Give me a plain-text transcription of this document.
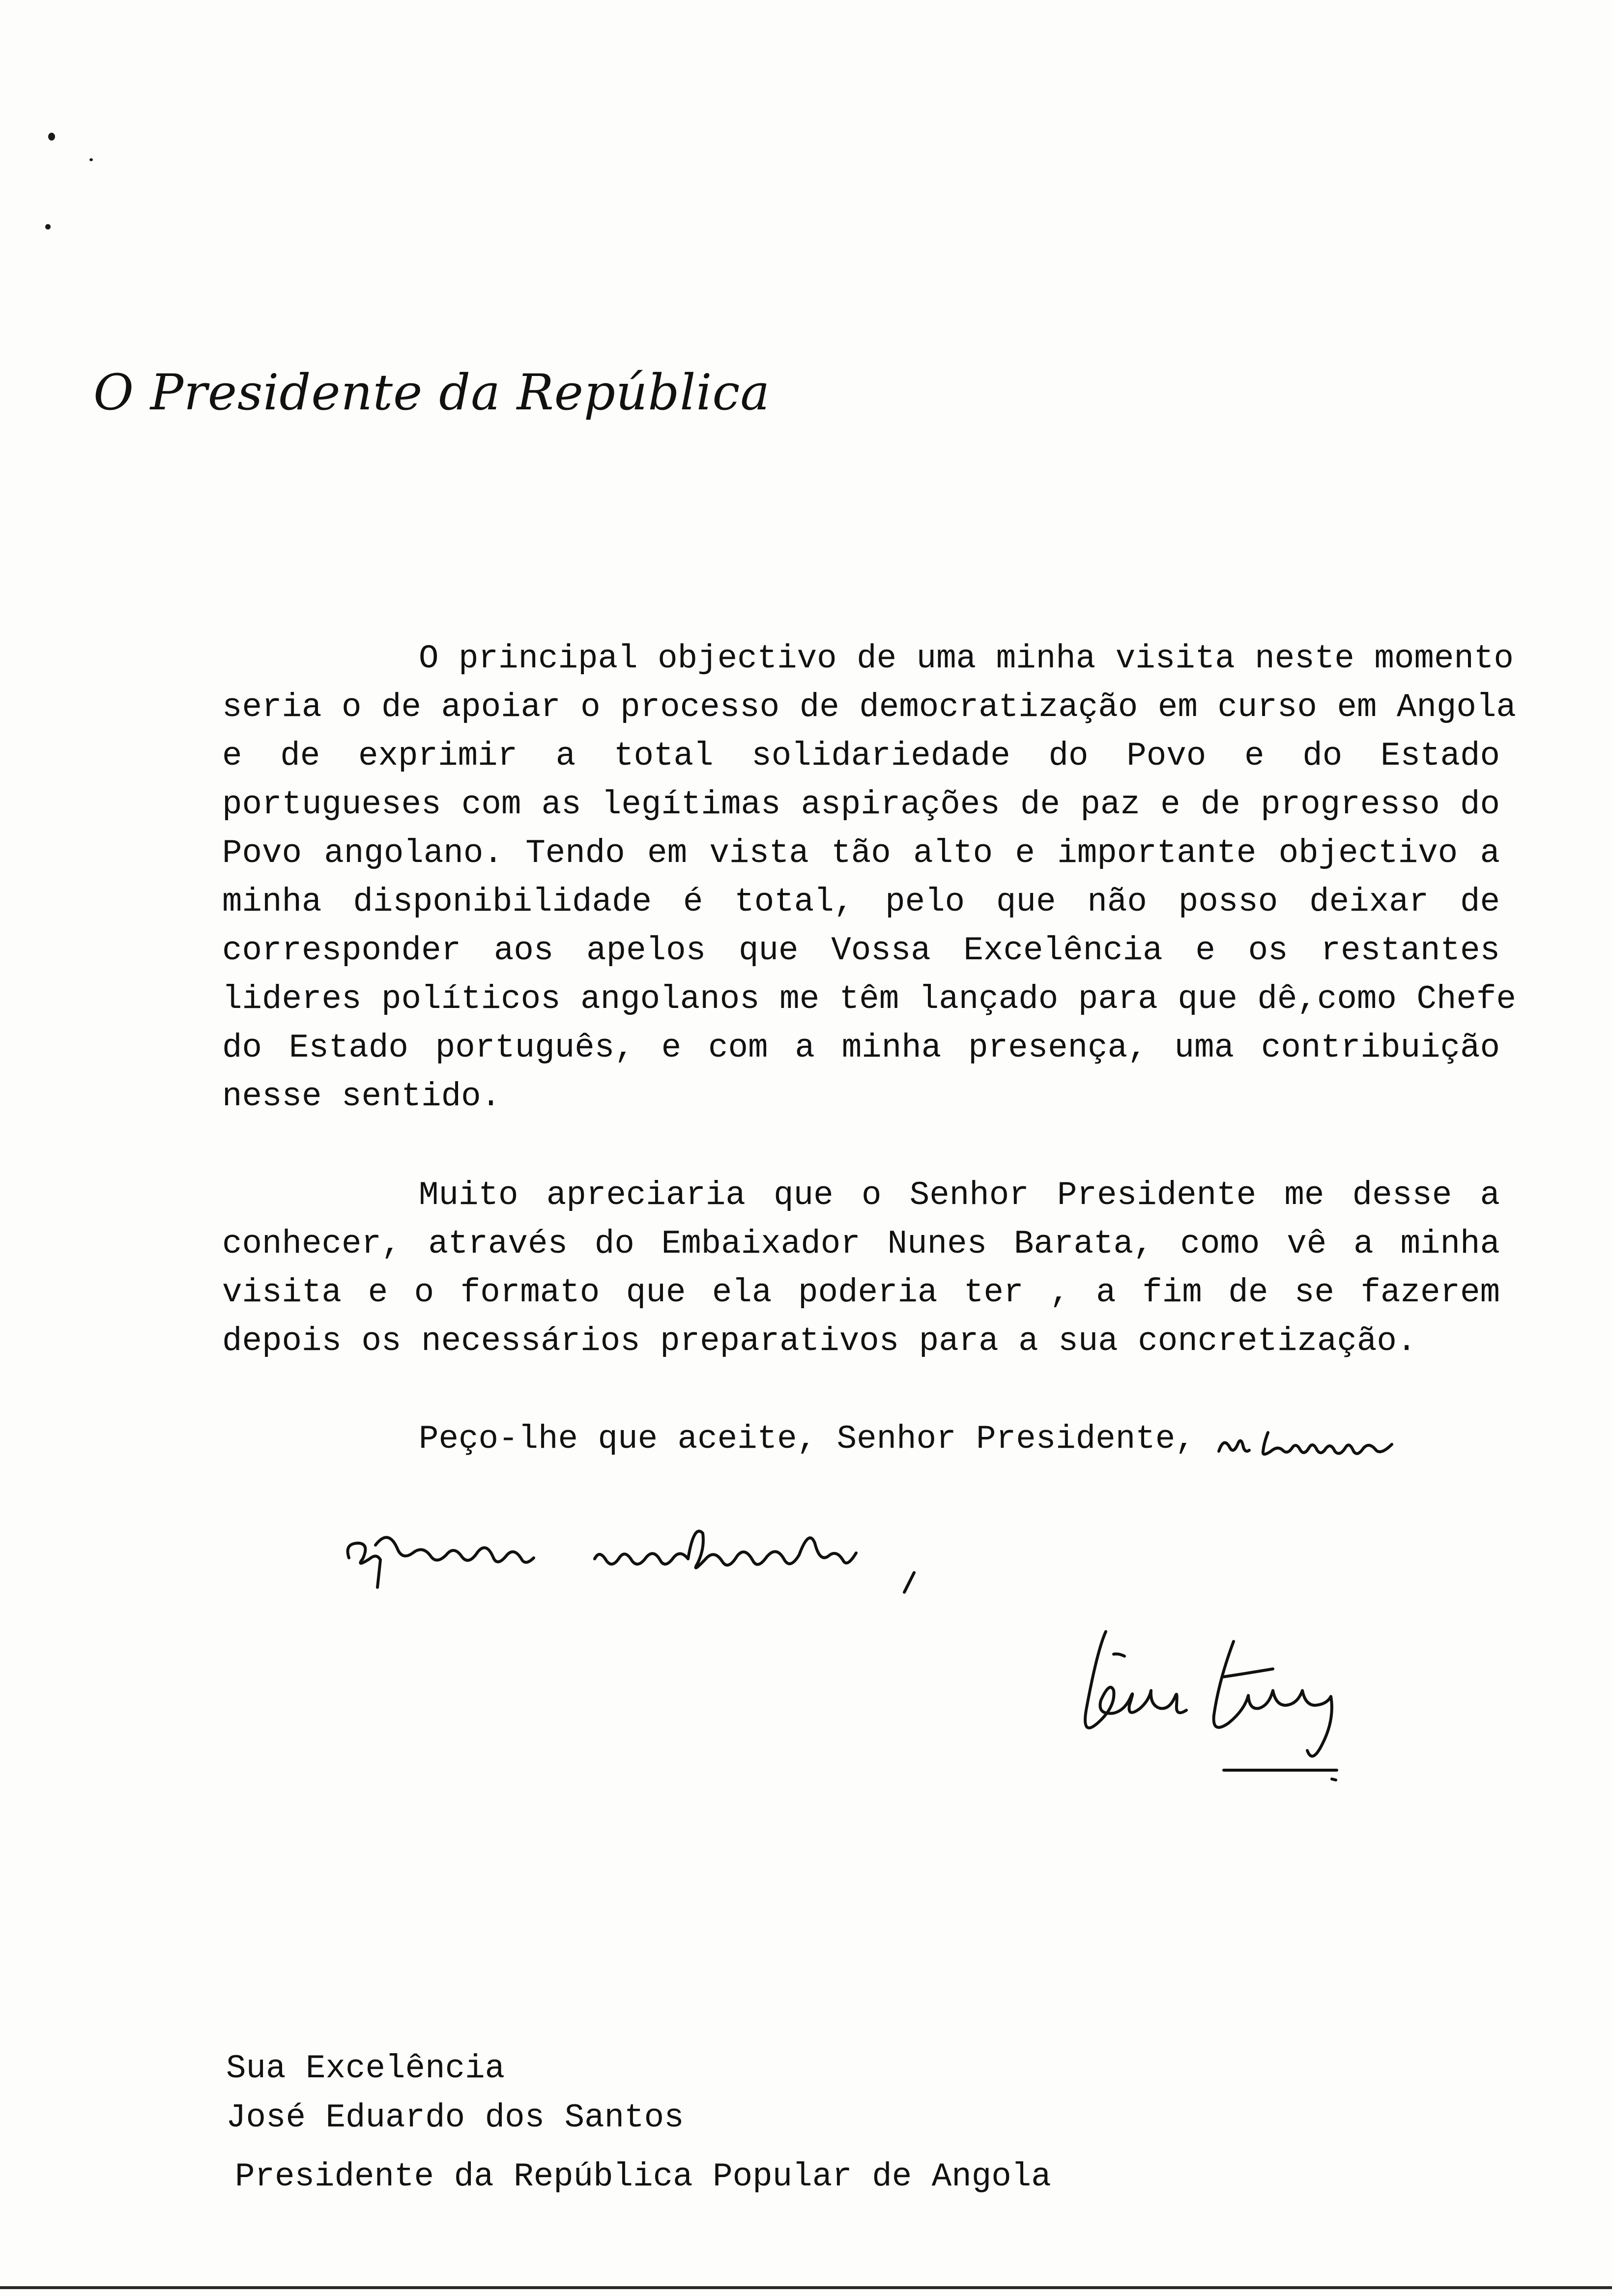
O Presidente da República
O principal objectivo de uma minha visita neste momento
seria o de apoiar o processo de democratização em curso em Angola
e de exprimir a total solidariedade do Povo e do Estado
portugueses com as legítimas aspirações de paz e de progresso do
Povo angolano. Tendo em vista tão alto e importante objectivo a
minha disponibilidade é total, pelo que não posso deixar de
corresponder aos apelos que Vossa Excelência e os restantes
lideres políticos angolanos me têm lançado para que dê,como Chefe
do Estado português, e com a minha presença, uma contribuição
nesse sentido.
Muito apreciaria que o Senhor Presidente me desse a
conhecer, através do Embaixador Nunes Barata, como vê a minha
visita e o formato que ela poderia ter , a fim de se fazerem
depois os necessários preparativos para a sua concretização.
Peço-lhe que aceite, Senhor Presidente,
Sua Excelência
José Eduardo dos Santos
Presidente da República Popular de Angola
